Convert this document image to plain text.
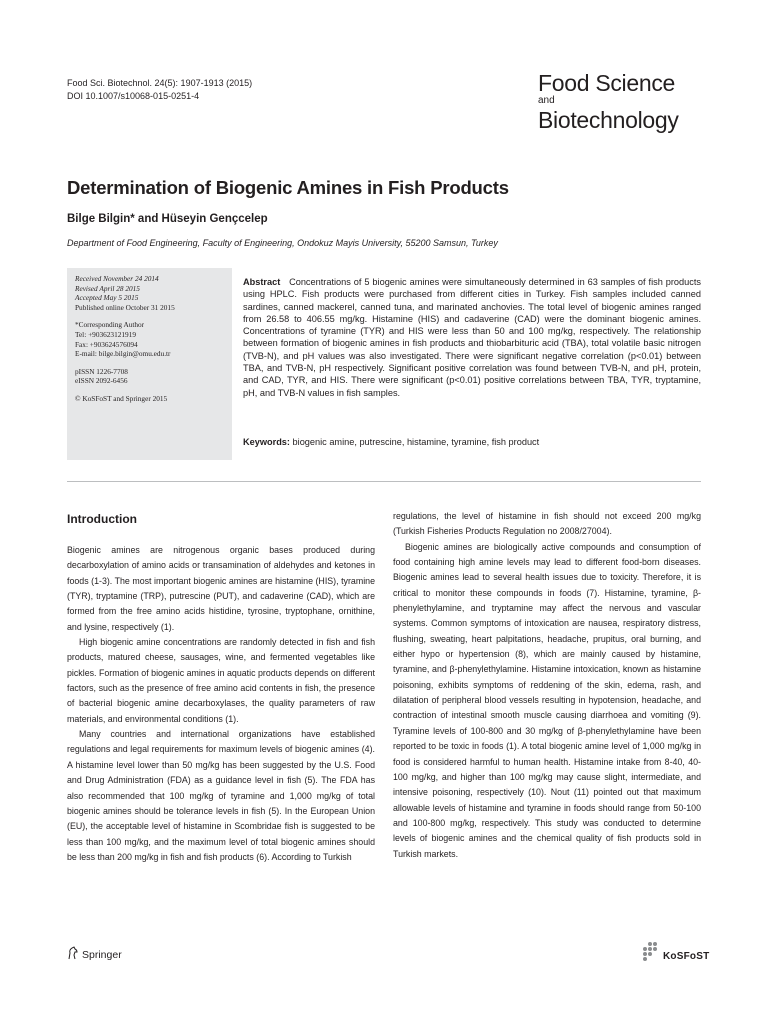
Food Sci. Biotechnol. 24(5): 1907-1913 (2015)
DOI 10.1007/s10068-015-0251-4	Food Science
and
Biotechnology
Determination of Biogenic Amines in Fish Products
Bilge Bilgin* and Hüseyin Gençcelep
Department of Food Engineering, Faculty of Engineering, Ondokuz Mayis University, 55200 Samsun, Turkey
Received November 24 2014
Revised April 28 2015
Accepted May 5 2015
Published online October 31 2015
*Corresponding Author
Tel: +903623121919
Fax: +903624576094
E-mail: bilge.bilgin@omu.edu.tr
pISSN 1226-7708
eISSN 2092-6456
© KoSFoST and Springer 2015
Abstract Concentrations of 5 biogenic amines were simultaneously determined in 63 samples of fish products using HPLC. Fish products were purchased from different cities in Turkey. Fish samples included canned sardines, canned mackerel, canned tuna, and marinated anchovies. The total level of biogenic amines ranged from 26.58 to 406.55 mg/kg. Histamine (HIS) and cadaverine (CAD) were the dominant biogenic amines. Concentrations of tyramine (TYR) and HIS were less than 50 and 100 mg/kg, respectively. The relationship between formation of biogenic amines in fish products and thiobarbituric acid (TBA), total volatile basic nitrogen (TVB-N), and pH values was also investigated. There were significant negative correlation (p<0.01) between TBA, and TVB-N, pH respectively. Significant positive correlation was found between TVB-N, and pH, protein, and CAD, TYR, and HIS. There were significant (p<0.01) positive correlations between TBA, TYR, tryptamine, pH, and TVB-N values in fish samples.
Keywords: biogenic amine, putrescine, histamine, tyramine, fish product
Introduction

Biogenic amines are nitrogenous organic bases produced during decarboxylation of amino acids or transamination of aldehydes and ketones in foods (1-3). The most important biogenic amines are histamine (HIS), tyramine (TYR), tryptamine (TRP), putrescine (PUT), and cadaverine (CAD), which are formed from the free amino acids histidine, tyrosine, tryptophane, ornithine, and lysine, respectively (1).

High biogenic amine concentrations are randomly detected in fish and fish products, matured cheese, sausages, wine, and fermented vegetables like pickles. Formation of biogenic amines in aquatic products depends on different factors, such as the presence of free amino acid contents in fish, the presence of bacterial biogenic amine decarboxylases, the quality parameters of raw materials, and environmental conditions (1).

Many countries and international organizations have established regulations and legal requirements for maximum levels of biogenic amines (4). A histamine level lower than 50 mg/kg has been suggested by the U.S. Food and Drug Administration (FDA) as a guidance level in fish (5). The FDA has also recommended that 100 mg/kg of tyramine and 1,000 mg/kg of total biogenic amines should be tolerance levels in fish (5). In the European Union (EU), the acceptable level of histamine in Scombridae fish is suggested to be less than 100 mg/kg, and the maximum level of total biogenic amines should be less than 200 mg/kg in fish and fish products (6). According to Turkish

regulations, the level of histamine in fish should not exceed 200 mg/kg (Turkish Fisheries Products Regulation no 2008/27004).

Biogenic amines are biologically active compounds and consumption of food containing high amine levels may lead to different food-born diseases. Biogenic amines lead to several health issues due to toxicity. Therefore, it is critical to monitor these compounds in foods (7). Histamine, tyramine, β-phenylethylamine, and tryptamine may affect the nervous and vascular systems. Common symptoms of intoxication are nausea, respiratory distress, flushing, sweating, heart palpitations, headache, prupitus, oral burning, and either hypo or hypertension (8), which are mainly caused by histamine, tyramine, and β-phenylethylamine. Histamine intoxication, known as histamine poisoning, exhibits symptoms of reddening of the skin, edema, rash, and dilatation of peripheral blood vessels resulting in hypotension, headache, and contraction of intestinal smooth muscle causing diarrhoea and vomiting (9). Tyramine levels of 100-800 and 30 mg/kg of β-phenylethylamine have been reported to be toxic in foods (1). A total biogenic amine level of 1,000 mg/kg in food is considered harmful to human health. Histamine intake from 8-40, 40-100 mg/kg, and higher than 100 mg/kg may cause slight, intermediate, and intensive poisoning, respectively (10). Nout (11) pointed out that maximum allowable levels of histamine and tyramine in foods should range from 50-100 and 100-800 mg/kg, respectively. This study was conducted to determine levels of biogenic amines and the chemical quality of fish products sold in Turkish markets.

Springer	KoSFoST
